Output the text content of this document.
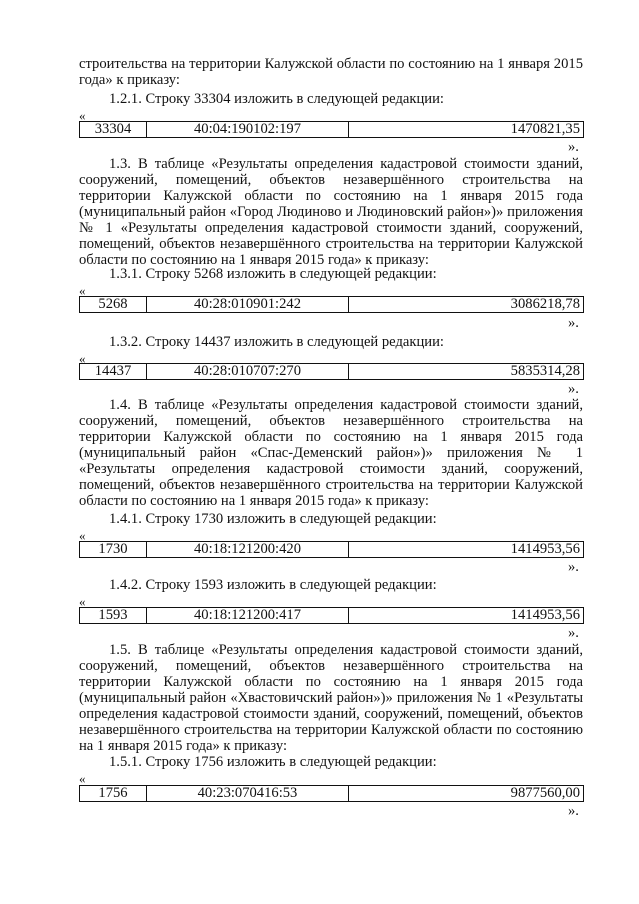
строительства на территории Калужской области по состоянию на 1 января 2015 года» к приказу:

1.2.1. Строку 33304 изложить в следующей редакции:

«
33304	40:04:190102:197	1470821,35
».

1.3. В таблице «Результаты определения кадастровой стоимости зданий, сооружений, помещений, объектов незавершённого строительства на территории Калужской области по состоянию на 1 января 2015 года (муниципальный район «Город Людиново и Людиновский район»)» приложения № 1 «Результаты определения кадастровой стоимости зданий, сооружений, помещений, объектов незавершённого строительства на территории Калужской области по состоянию на 1 января 2015 года» к приказу:

1.3.1. Строку 5268 изложить в следующей редакции:

«
5268	40:28:010901:242	3086218,78
».

1.3.2. Строку 14437 изложить в следующей редакции:

«
14437	40:28:010707:270	5835314,28
».

1.4. В таблице «Результаты определения кадастровой стоимости зданий, сооружений, помещений, объектов незавершённого строительства на территории Калужской области по состоянию на 1 января 2015 года (муниципальный район «Спас-Деменский район»)» приложения № 1 «Результаты определения кадастровой стоимости зданий, сооружений, помещений, объектов незавершённого строительства на территории Калужской области по состоянию на 1 января 2015 года» к приказу:

1.4.1. Строку 1730 изложить в следующей редакции:

«
1730	40:18:121200:420	1414953,56
».

1.4.2. Строку 1593 изложить в следующей редакции:

«
1593	40:18:121200:417	1414953,56
».

1.5. В таблице «Результаты определения кадастровой стоимости зданий, сооружений, помещений, объектов незавершённого строительства на территории Калужской области по состоянию на 1 января 2015 года (муниципальный район «Хвастовичский район»)» приложения № 1 «Результаты определения кадастровой стоимости зданий, сооружений, помещений, объектов незавершённого строительства на территории Калужской области по состоянию на 1 января 2015 года» к приказу:

1.5.1. Строку 1756 изложить в следующей редакции:

«
1756	40:23:070416:53	9877560,00
».
